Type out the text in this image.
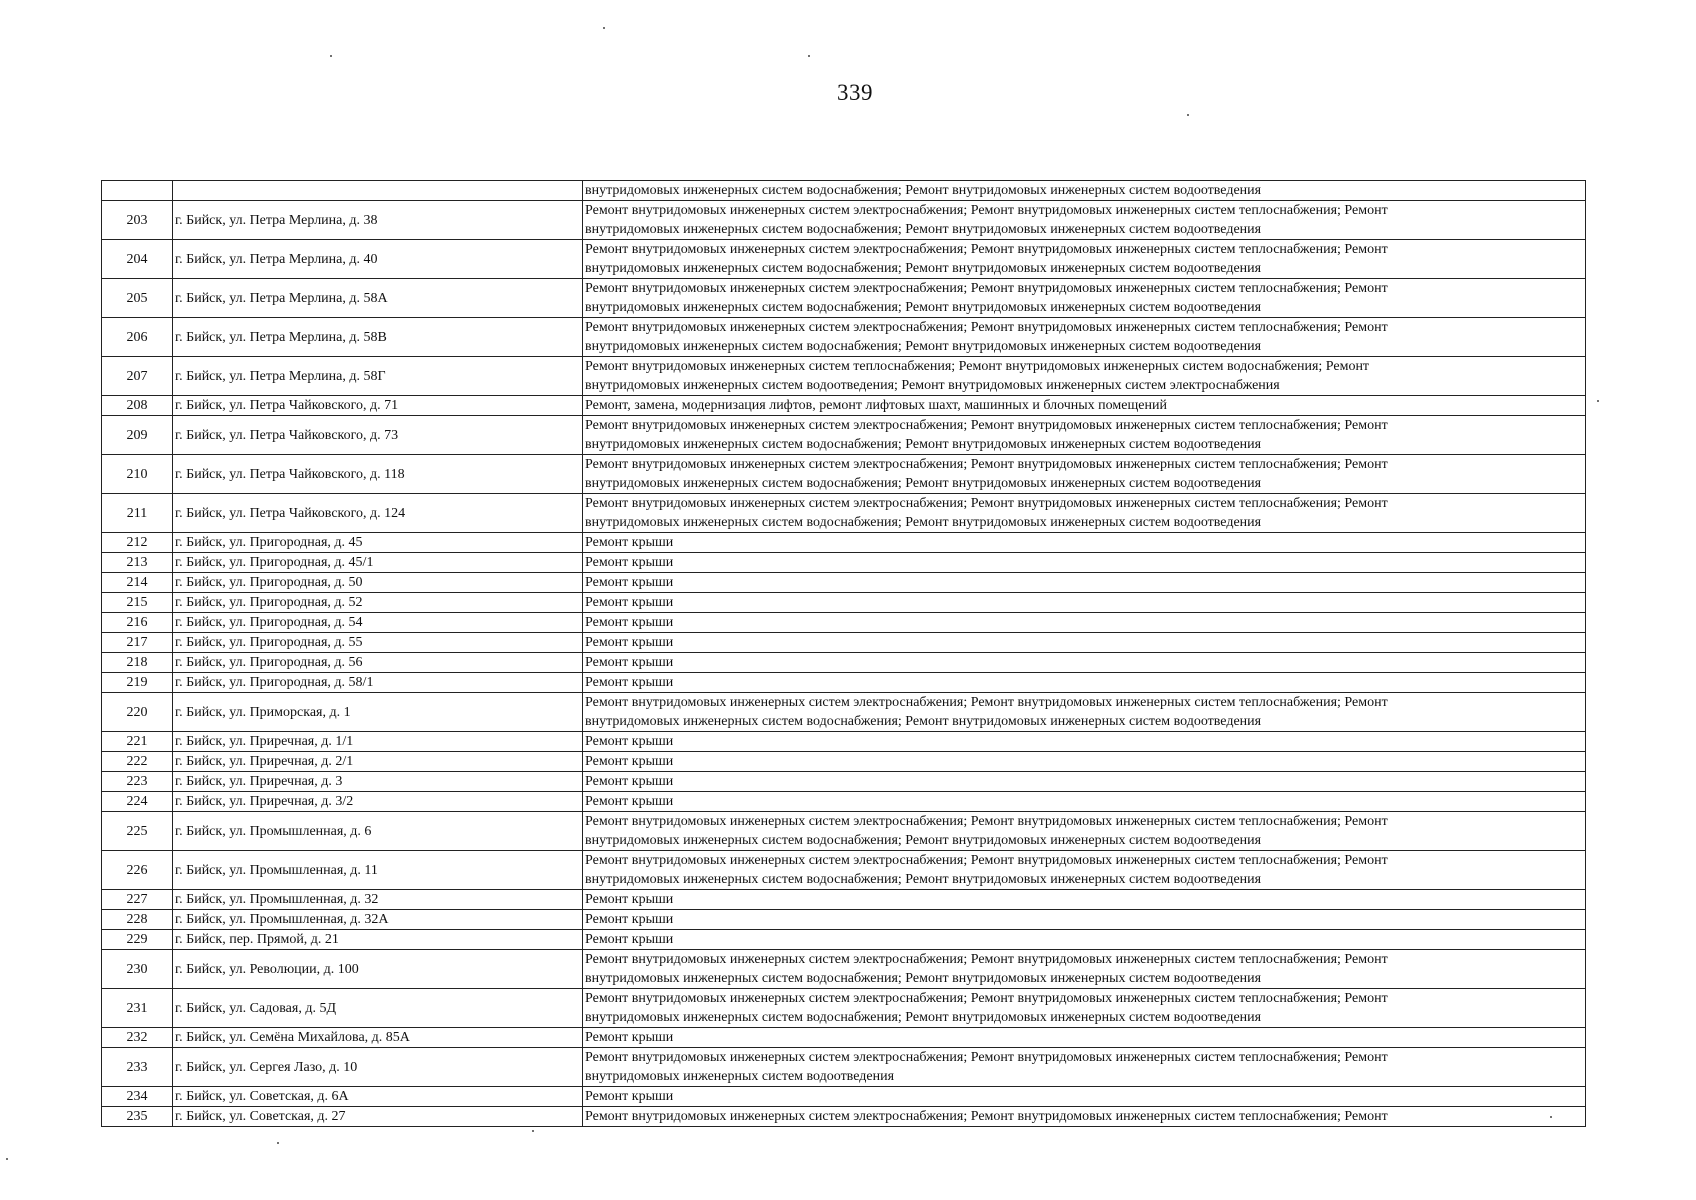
339
		внутридомовых инженерных систем водоснабжения; Ремонт внутридомовых инженерных систем водоотведения
203	г. Бийск, ул. Петра Мерлина, д. 38	Ремонт внутридомовых инженерных систем электроснабжения; Ремонт внутридомовых инженерных систем теплоснабжения; Ремонт
внутридомовых инженерных систем водоснабжения; Ремонт внутридомовых инженерных систем водоотведения
204	г. Бийск, ул. Петра Мерлина, д. 40	Ремонт внутридомовых инженерных систем электроснабжения; Ремонт внутридомовых инженерных систем теплоснабжения; Ремонт
внутридомовых инженерных систем водоснабжения; Ремонт внутридомовых инженерных систем водоотведения
205	г. Бийск, ул. Петра Мерлина, д. 58А	Ремонт внутридомовых инженерных систем электроснабжения; Ремонт внутридомовых инженерных систем теплоснабжения; Ремонт
внутридомовых инженерных систем водоснабжения; Ремонт внутридомовых инженерных систем водоотведения
206	г. Бийск, ул. Петра Мерлина, д. 58В	Ремонт внутридомовых инженерных систем электроснабжения; Ремонт внутридомовых инженерных систем теплоснабжения; Ремонт
внутридомовых инженерных систем водоснабжения; Ремонт внутридомовых инженерных систем водоотведения
207	г. Бийск, ул. Петра Мерлина, д. 58Г	Ремонт внутридомовых инженерных систем теплоснабжения; Ремонт внутридомовых инженерных систем водоснабжения; Ремонт
внутридомовых инженерных систем водоотведения; Ремонт внутридомовых инженерных систем электроснабжения
208	г. Бийск, ул. Петра Чайковского, д. 71	Ремонт, замена, модернизация лифтов, ремонт лифтовых шахт, машинных и блочных помещений
209	г. Бийск, ул. Петра Чайковского, д. 73	Ремонт внутридомовых инженерных систем электроснабжения; Ремонт внутридомовых инженерных систем теплоснабжения; Ремонт
внутридомовых инженерных систем водоснабжения; Ремонт внутридомовых инженерных систем водоотведения
210	г. Бийск, ул. Петра Чайковского, д. 118	Ремонт внутридомовых инженерных систем электроснабжения; Ремонт внутридомовых инженерных систем теплоснабжения; Ремонт
внутридомовых инженерных систем водоснабжения; Ремонт внутридомовых инженерных систем водоотведения
211	г. Бийск, ул. Петра Чайковского, д. 124	Ремонт внутридомовых инженерных систем электроснабжения; Ремонт внутридомовых инженерных систем теплоснабжения; Ремонт
внутридомовых инженерных систем водоснабжения; Ремонт внутридомовых инженерных систем водоотведения
212	г. Бийск, ул. Пригородная, д. 45	Ремонт крыши
213	г. Бийск, ул. Пригородная, д. 45/1	Ремонт крыши
214	г. Бийск, ул. Пригородная, д. 50	Ремонт крыши
215	г. Бийск, ул. Пригородная, д. 52	Ремонт крыши
216	г. Бийск, ул. Пригородная, д. 54	Ремонт крыши
217	г. Бийск, ул. Пригородная, д. 55	Ремонт крыши
218	г. Бийск, ул. Пригородная, д. 56	Ремонт крыши
219	г. Бийск, ул. Пригородная, д. 58/1	Ремонт крыши
220	г. Бийск, ул. Приморская, д. 1	Ремонт внутридомовых инженерных систем электроснабжения; Ремонт внутридомовых инженерных систем теплоснабжения; Ремонт
внутридомовых инженерных систем водоснабжения; Ремонт внутридомовых инженерных систем водоотведения
221	г. Бийск, ул. Приречная, д. 1/1	Ремонт крыши
222	г. Бийск, ул. Приречная, д. 2/1	Ремонт крыши
223	г. Бийск, ул. Приречная, д. 3	Ремонт крыши
224	г. Бийск, ул. Приречная, д. 3/2	Ремонт крыши
225	г. Бийск, ул. Промышленная, д. 6	Ремонт внутридомовых инженерных систем электроснабжения; Ремонт внутридомовых инженерных систем теплоснабжения; Ремонт
внутридомовых инженерных систем водоснабжения; Ремонт внутридомовых инженерных систем водоотведения
226	г. Бийск, ул. Промышленная, д. 11	Ремонт внутридомовых инженерных систем электроснабжения; Ремонт внутридомовых инженерных систем теплоснабжения; Ремонт
внутридомовых инженерных систем водоснабжения; Ремонт внутридомовых инженерных систем водоотведения
227	г. Бийск, ул. Промышленная, д. 32	Ремонт крыши
228	г. Бийск, ул. Промышленная, д. 32А	Ремонт крыши
229	г. Бийск, пер. Прямой, д. 21	Ремонт крыши
230	г. Бийск, ул. Революции, д. 100	Ремонт внутридомовых инженерных систем электроснабжения; Ремонт внутридомовых инженерных систем теплоснабжения; Ремонт
внутридомовых инженерных систем водоснабжения; Ремонт внутридомовых инженерных систем водоотведения
231	г. Бийск, ул. Садовая, д. 5Д	Ремонт внутридомовых инженерных систем электроснабжения; Ремонт внутридомовых инженерных систем теплоснабжения; Ремонт
внутридомовых инженерных систем водоснабжения; Ремонт внутридомовых инженерных систем водоотведения
232	г. Бийск, ул. Семёна Михайлова, д. 85А	Ремонт крыши
233	г. Бийск, ул. Сергея Лазо, д. 10	Ремонт внутридомовых инженерных систем электроснабжения; Ремонт внутридомовых инженерных систем теплоснабжения; Ремонт
внутридомовых инженерных систем водоотведения
234	г. Бийск, ул. Советская, д. 6А	Ремонт крыши
235	г. Бийск, ул. Советская, д. 27	Ремонт внутридомовых инженерных систем электроснабжения; Ремонт внутридомовых инженерных систем теплоснабжения; Ремонт
